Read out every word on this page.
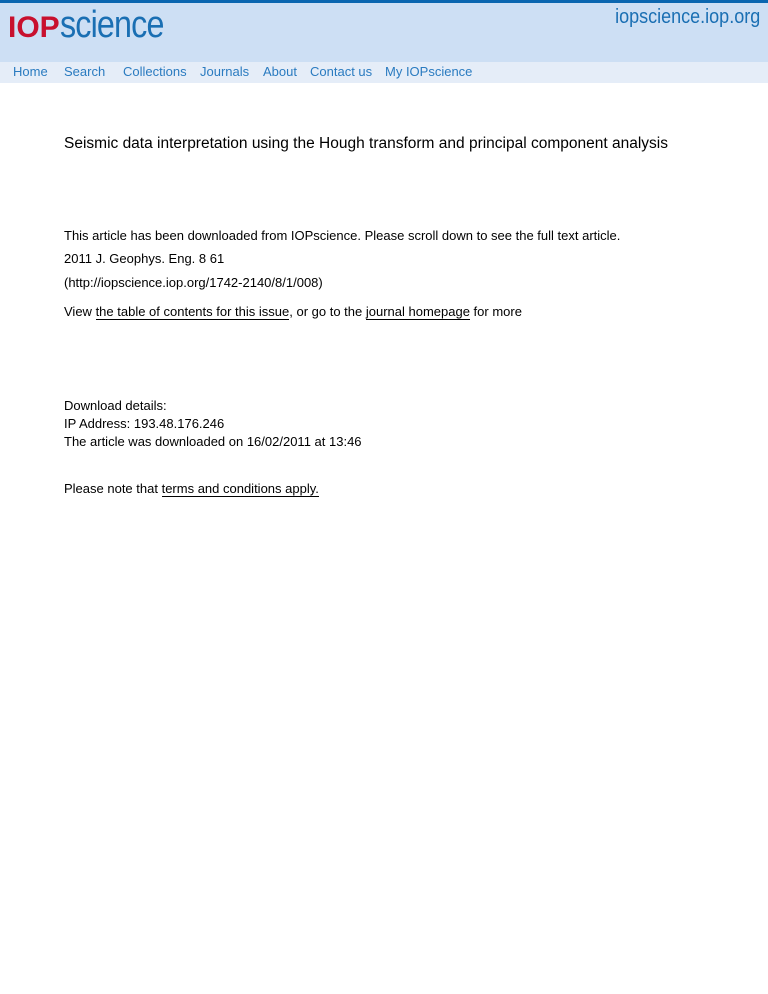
IOPscience	iopscience.iop.org
Home Search Collections Journals About Contact us My IOPscience
Seismic data interpretation using the Hough transform and principal component analysis
This article has been downloaded from IOPscience. Please scroll down to see the full text article.
2011 J. Geophys. Eng. 8 61
(http://iopscience.iop.org/1742-2140/8/1/008)
View the table of contents for this issue, or go to the journal homepage for more
Download details:
IP Address: 193.48.176.246
The article was downloaded on 16/02/2011 at 13:46
Please note that terms and conditions apply.
